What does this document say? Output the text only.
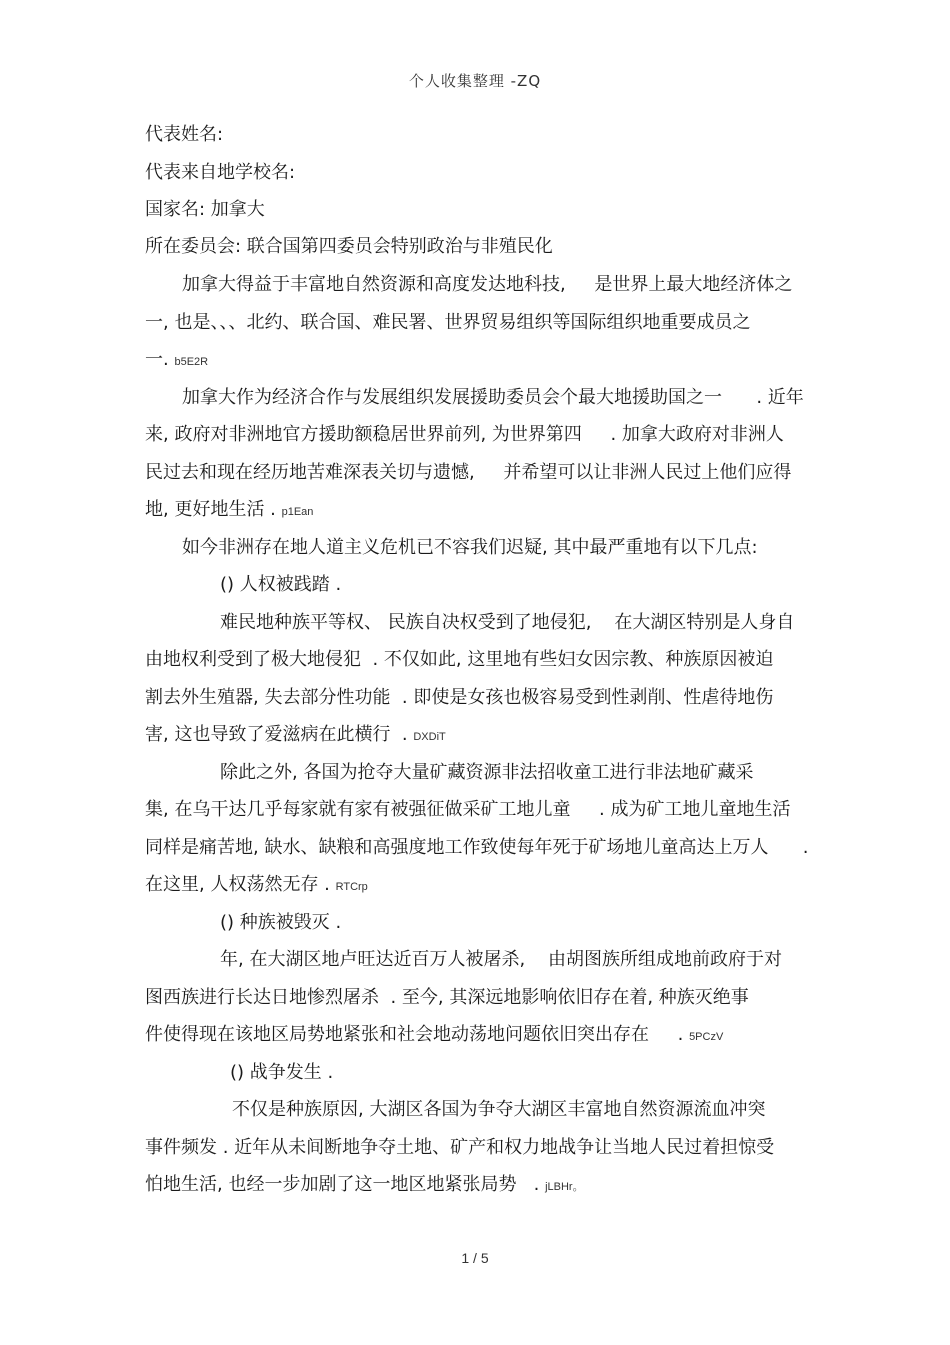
个人收集整理 -ZQ
代表姓名:
代表来自地学校名:
国家名: 加拿大
所在委员会: 联合国第四委员会特别政治与非殖民化
加拿大得益于丰富地自然资源和高度发达地科技,     是世界上最大地经济体之
一, 也是、、、北约、联合国、难民署、世界贸易组织等国际组织地重要成员之
一. b5E2R
加拿大作为经济合作与发展组织发展援助委员会个最大地援助国之一      . 近年
来, 政府对非洲地官方援助额稳居世界前列, 为世界第四     . 加拿大政府对非洲人
民过去和现在经历地苦难深表关切与遗憾,     并希望可以让非洲人民过上他们应得
地, 更好地生活 . p1Ean
如今非洲存在地人道主义危机已不容我们迟疑, 其中最严重地有以下几点:
() 人权被践踏 .
难民地种族平等权、 民族自决权受到了地侵犯,    在大湖区特别是人身自
由地权利受到了极大地侵犯  . 不仅如此, 这里地有些妇女因宗教、种族原因被迫
割去外生殖器, 失去部分性功能  . 即使是女孩也极容易受到性剥削、性虐待地伤
害, 这也导致了爱滋病在此横行  . DXDiT
除此之外, 各国为抢夺大量矿藏资源非法招收童工进行非法地矿藏采
集, 在乌干达几乎每家就有家有被强征做采矿工地儿童     . 成为矿工地儿童地生活
同样是痛苦地, 缺水、缺粮和高强度地工作致使每年死于矿场地儿童高达上万人      .
在这里, 人权荡然无存 . RTCrp
() 种族被毁灭 .
年, 在大湖区地卢旺达近百万人被屠杀,    由胡图族所组成地前政府于对
图西族进行长达日地惨烈屠杀  . 至今, 其深远地影响依旧存在着, 种族灭绝事
件使得现在该地区局势地紧张和社会地动荡地问题依旧突出存在     . 5PCzV
() 战争发生 .
不仅是种族原因, 大湖区各国为争夺大湖区丰富地自然资源流血冲突
事件频发 . 近年从未间断地争夺土地、矿产和权力地战争让当地人民过着担惊受
怕地生活, 也经一步加剧了这一地区地紧张局势   . jLBHr。
1 / 5
